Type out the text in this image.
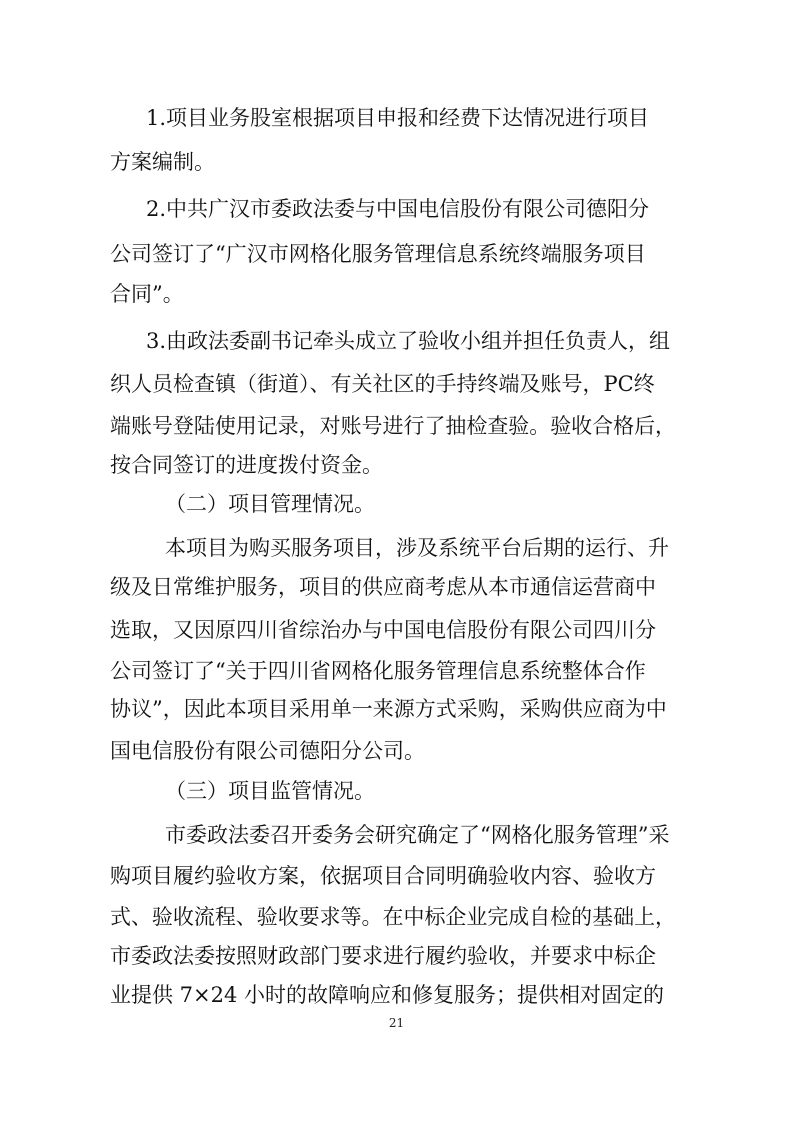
1.项目业务股室根据项目申报和经费下达情况进行项目
方案编制。
2.中共广汉市委政法委与中国电信股份有限公司德阳分
公司签订了“广汉市网格化服务管理信息系统终端服务项目
合同”。
3.由政法委副书记牵头成立了验收小组并担任负责人，组
织人员检查镇（街道）、有关社区的手持终端及账号，PC终
端账号登陆使用记录，对账号进行了抽检查验。验收合格后，
按合同签订的进度拨付资金。
（二）项目管理情况。
本项目为购买服务项目，涉及系统平台后期的运行、升
级及日常维护服务，项目的供应商考虑从本市通信运营商中
选取，又因原四川省综治办与中国电信股份有限公司四川分
公司签订了“关于四川省网格化服务管理信息系统整体合作
协议”，因此本项目采用单一来源方式采购，采购供应商为中
国电信股份有限公司德阳分公司。
（三）项目监管情况。
市委政法委召开委务会研究确定了“网格化服务管理”采
购项目履约验收方案，依据项目合同明确验收内容、验收方
式、验收流程、验收要求等。在中标企业完成自检的基础上，
市委政法委按照财政部门要求进行履约验收，并要求中标企
业提供 7×24 小时的故障响应和修复服务；提供相对固定的
21
